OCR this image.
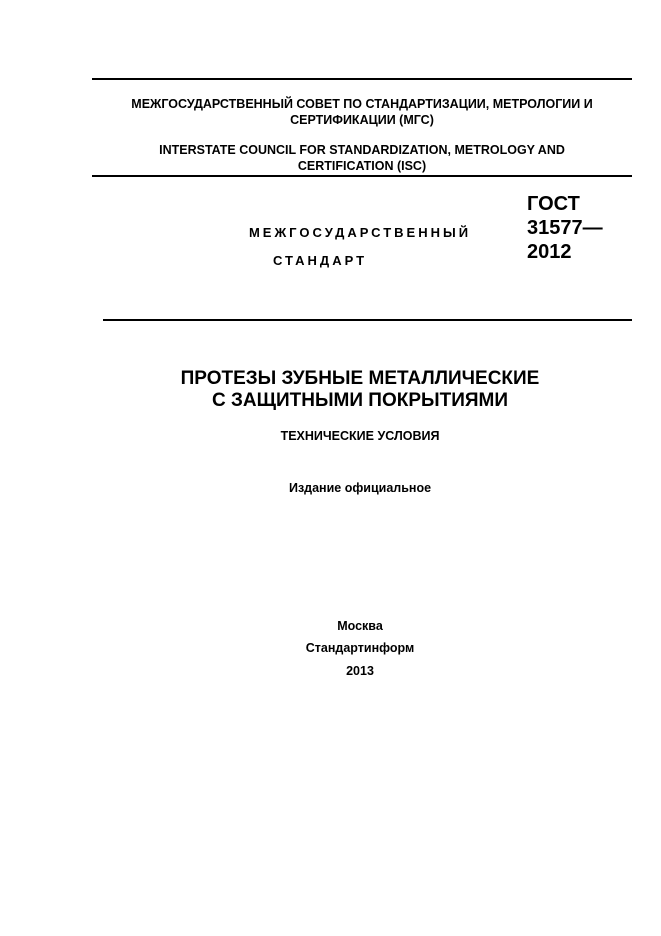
МЕЖГОСУДАРСТВЕННЫЙ СОВЕТ ПО СТАНДАРТИЗАЦИИ, МЕТРОЛОГИИ И СЕРТИФИКАЦИИ (МГС)
INTERSTATE COUNCIL FOR STANDARDIZATION, METROLOGY AND CERTIFICATION (ISC)
МЕЖГОСУДАРСТВЕННЫЙ
СТАНДАРТ
ГОСТ
31577—
2012
ПРОТЕЗЫ ЗУБНЫЕ МЕТАЛЛИЧЕСКИЕ
С ЗАЩИТНЫМИ ПОКРЫТИЯМИ
ТЕХНИЧЕСКИЕ УСЛОВИЯ
Издание официальное
Москва
Стандартинформ
2013
